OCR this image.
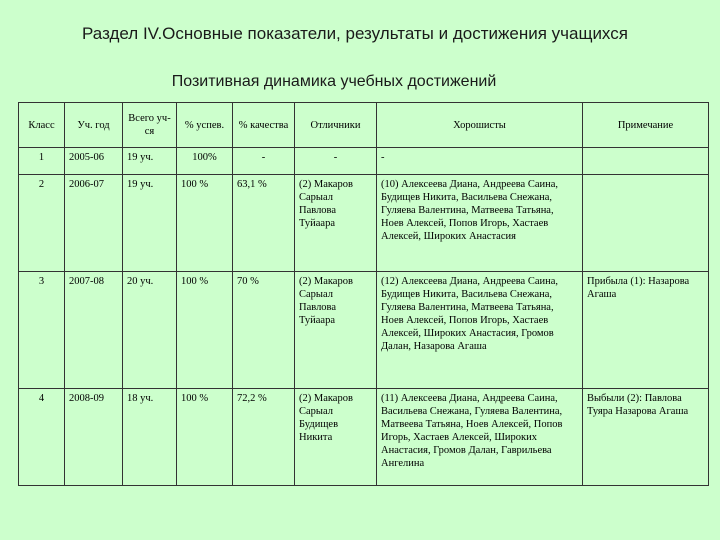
Раздел IV.Основные показатели, результаты и достижения учащихся
Позитивная динамика учебных достижений
Класс	Уч. год	Всего уч-ся	% успев.	% качества	Отличники	Хорошисты	Примечание
1	2005-06	19 уч.	100%	-	-	-	
2	2006-07	19 уч.	100 %	63,1 %	(2) Макаров Сарыал Павлова Туйаара	(10) Алексеева Диана, Андреева Саина, Будищев Никита, Васильева Снежана, Гуляева Валентина, Матвеева Татьяна, Ноев Алексей, Попов Игорь, Хастаев Алексей, Широких Анастасия	
3	2007-08	20 уч.	100 %	70 %	(2) Макаров Сарыал Павлова Туйаара	(12) Алексеева Диана, Андреева Саина, Будищев Никита, Васильева Снежана, Гуляева Валентина, Матвеева Татьяна, Ноев Алексей, Попов Игорь, Хастаев Алексей, Широких Анастасия, Громов Далан, Назарова Агаша	Прибыла (1): Назарова Агаша
4	2008-09	18 уч.	100 %	72,2 %	(2) Макаров Сарыал Будищев Никита	(11) Алексеева Диана, Андреева Саина, Васильева Снежана, Гуляева Валентина, Матвеева Татьяна, Ноев Алексей, Попов Игорь, Хастаев Алексей, Широких Анастасия, Громов Далан, Гаврильева Ангелина	Выбыли (2): Павлова Туяра Назарова Агаша
